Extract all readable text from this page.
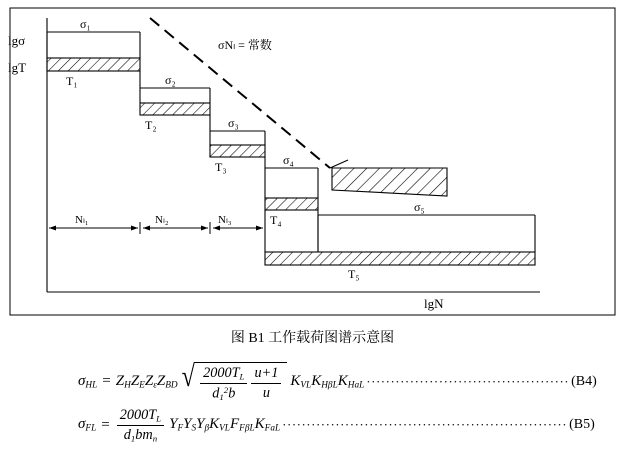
lgσ
lgT
lgN
σNₗ = 常数
σ₁
σ₂
σ₃
σ₄
σ₅
T₁
T₂
T₃
T₄
T₅
Nₗ₁	Nₗ₂	Nₗ₃
图 B1 工作载荷图谱示意图
$\sigma_{HL} = Z_HZ_EZ_\varepsilon Z_{BD}$ √ $\frac{2000T_L}{d_1^2b} \frac{u+1}{u} K_{VL}K_{H\beta L}K_{HaL}$ ·········································· (B4)
$\sigma_{FL} = \frac{2000T_L}{d_1bm_n} Y_FY_SY_\beta$ $K_{VL}F_{F\beta L}K_{FaL}$ ··························································· (B5)
